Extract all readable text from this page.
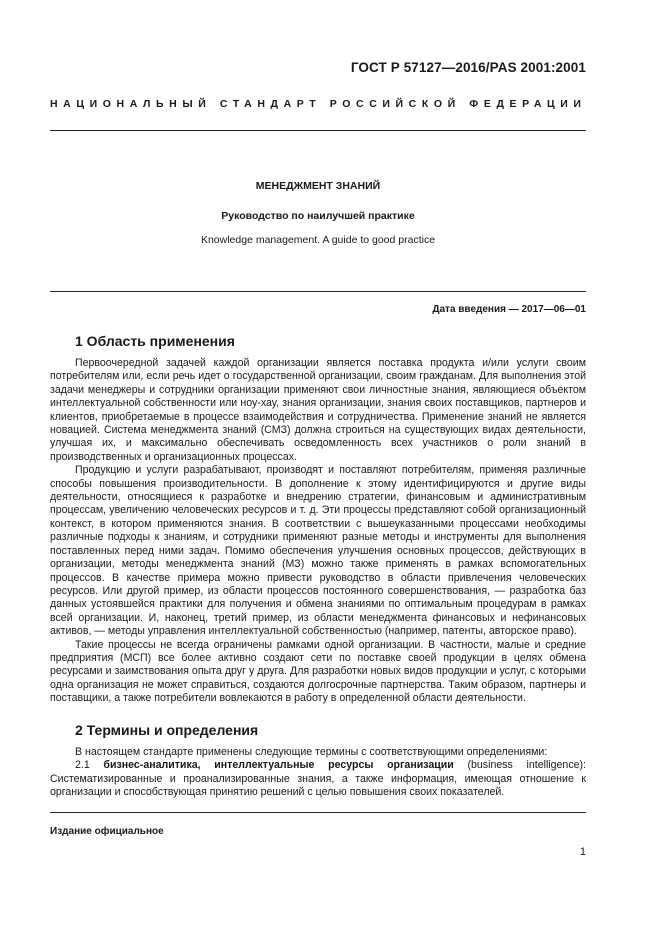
ГОСТ Р 57127—2016/PAS 2001:2001
НАЦИОНАЛЬНЫЙ СТАНДАРТ РОССИЙСКОЙ ФЕДЕРАЦИИ
МЕНЕДЖМЕНТ ЗНАНИЙ
Руководство по наилучшей практике
Knowledge management. A guide to good practice
Дата введения — 2017—06—01
1 Область применения

Первоочередной задачей каждой организации является поставка продукта и/или услуги своим потребителям или, если речь идет о государственной организации, своим гражданам. Для выполнения этой задачи менеджеры и сотрудники организации применяют свои личностные знания, являющиеся объектом интеллектуальной собственности или ноу-хау, знания организации, знания своих поставщиков, партнеров и клиентов, приобретаемые в процессе взаимодействия и сотрудничества. Применение знаний не является новацией. Система менеджмента знаний (СМЗ) должна строиться на существующих видах деятельности, улучшая их, и максимально обеспечивать осведомленность всех участников о роли знаний в производственных и организационных процессах.

Продукцию и услуги разрабатывают, производят и поставляют потребителям, применяя различные способы повышения производительности. В дополнение к этому идентифицируются и другие виды деятельности, относящиеся к разработке и внедрению стратегии, финансовым и административным процессам, увеличению человеческих ресурсов и т. д. Эти процессы представляют собой организационный контекст, в котором применяются знания. В соответствии с вышеуказанными процессами необходимы различные подходы к знаниям, и сотрудники применяют разные методы и инструменты для выполнения поставленных перед ними задач. Помимо обеспечения улучшения основных процессов, действующих в организации, методы менеджмента знаний (МЗ) можно также применять в рамках вспомогательных процессов. В качестве примера можно привести руководство в области привлечения человеческих ресурсов. Или другой пример, из области процессов постоянного совершенствования, — разработка баз данных устоявшейся практики для получения и обмена знаниями по оптимальным процедурам в рамках всей организации. И, наконец, третий пример, из области менеджмента финансовых и нефинансовых активов, — методы управления интеллектуальной собственностью (например, патенты, авторское право).

Такие процессы не всегда ограничены рамками одной организации. В частности, малые и средние предприятия (МСП) все более активно создают сети по поставке своей продукции в целях обмена ресурсами и заимствования опыта друг у друга. Для разработки новых видов продукции и услуг, с которыми одна организация не может справиться, создаются долгосрочные партнерства. Таким образом, партнеры и поставщики, а также потребители вовлекаются в работу в определенной области деятельности.

2 Термины и определения

В настоящем стандарте применены следующие термины с соответствующими определениями:

2.1 бизнес-аналитика, интеллектуальные ресурсы организации (business intelligence): Систематизированные и проанализированные знания, а также информация, имеющая отношение к организации и способствующая принятию решений с целью повышения своих показателей.

Издание официальное
1
